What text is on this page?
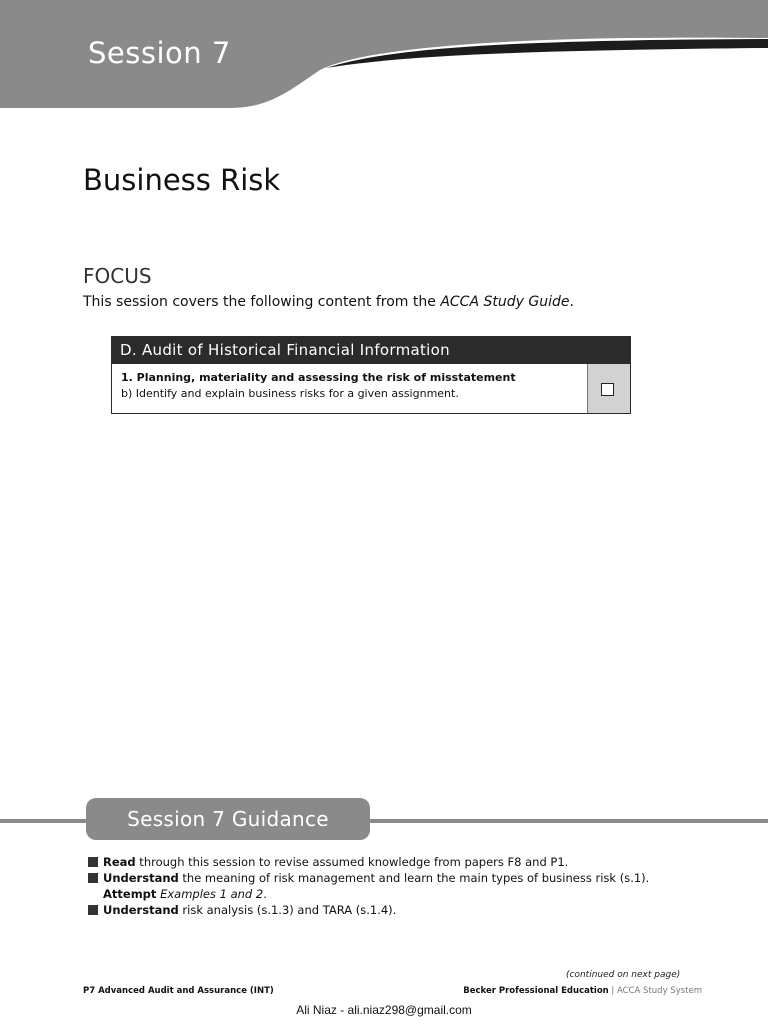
Session 7
Business Risk
FOCUS
This session covers the following content from the ACCA Study Guide.
D. Audit of Historical Financial Information
1. Planning, materiality and assessing the risk of misstatement
b) Identify and explain business risks for a given assignment.
Session 7 Guidance
Read through this session to revise assumed knowledge from papers F8 and P1.
Understand the meaning of risk management and learn the main types of business risk (s.1).
Attempt Examples 1 and 2.
Understand risk analysis (s.1.3) and TARA (s.1.4).
(continued on next page)
P7 Advanced Audit and Assurance (INT)	Becker Professional Education | ACCA Study System
Ali Niaz - ali.niaz298@gmail.com
